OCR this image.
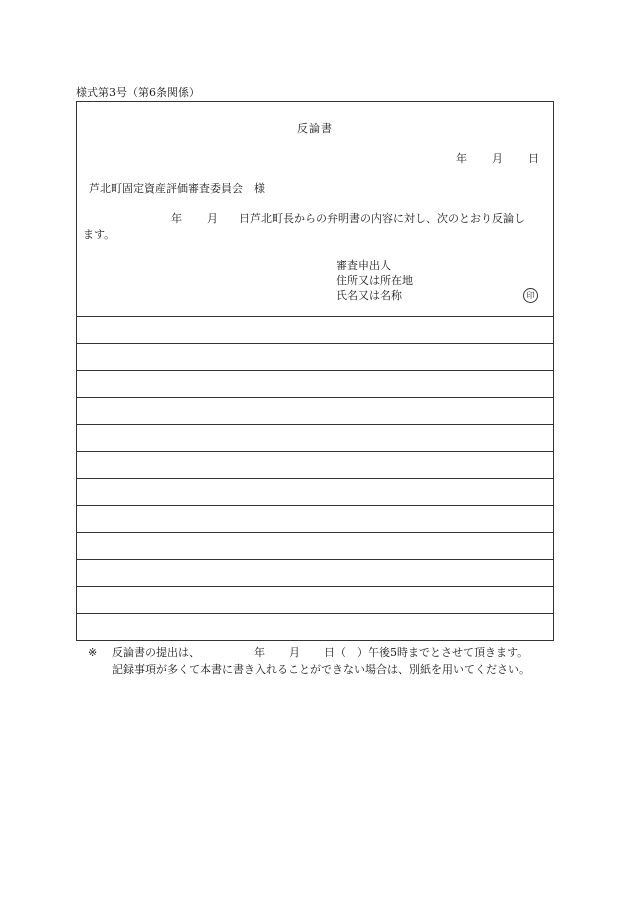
様式第3号（第6条関係）
反論書
年 月 日
芦北町固定資産評価審査委員会　様
年 月 日芦北町長からの弁明書の内容に対し、次のとおり反論し
ます。
審査申出人
住所又は所在地
氏名又は名称	印
※ 反論書の提出は、	年 月 日（　）午後5時までとさせて頂きます。
記録事項が多くて本書に書き入れることができない場合は、別紙を用いてください。
